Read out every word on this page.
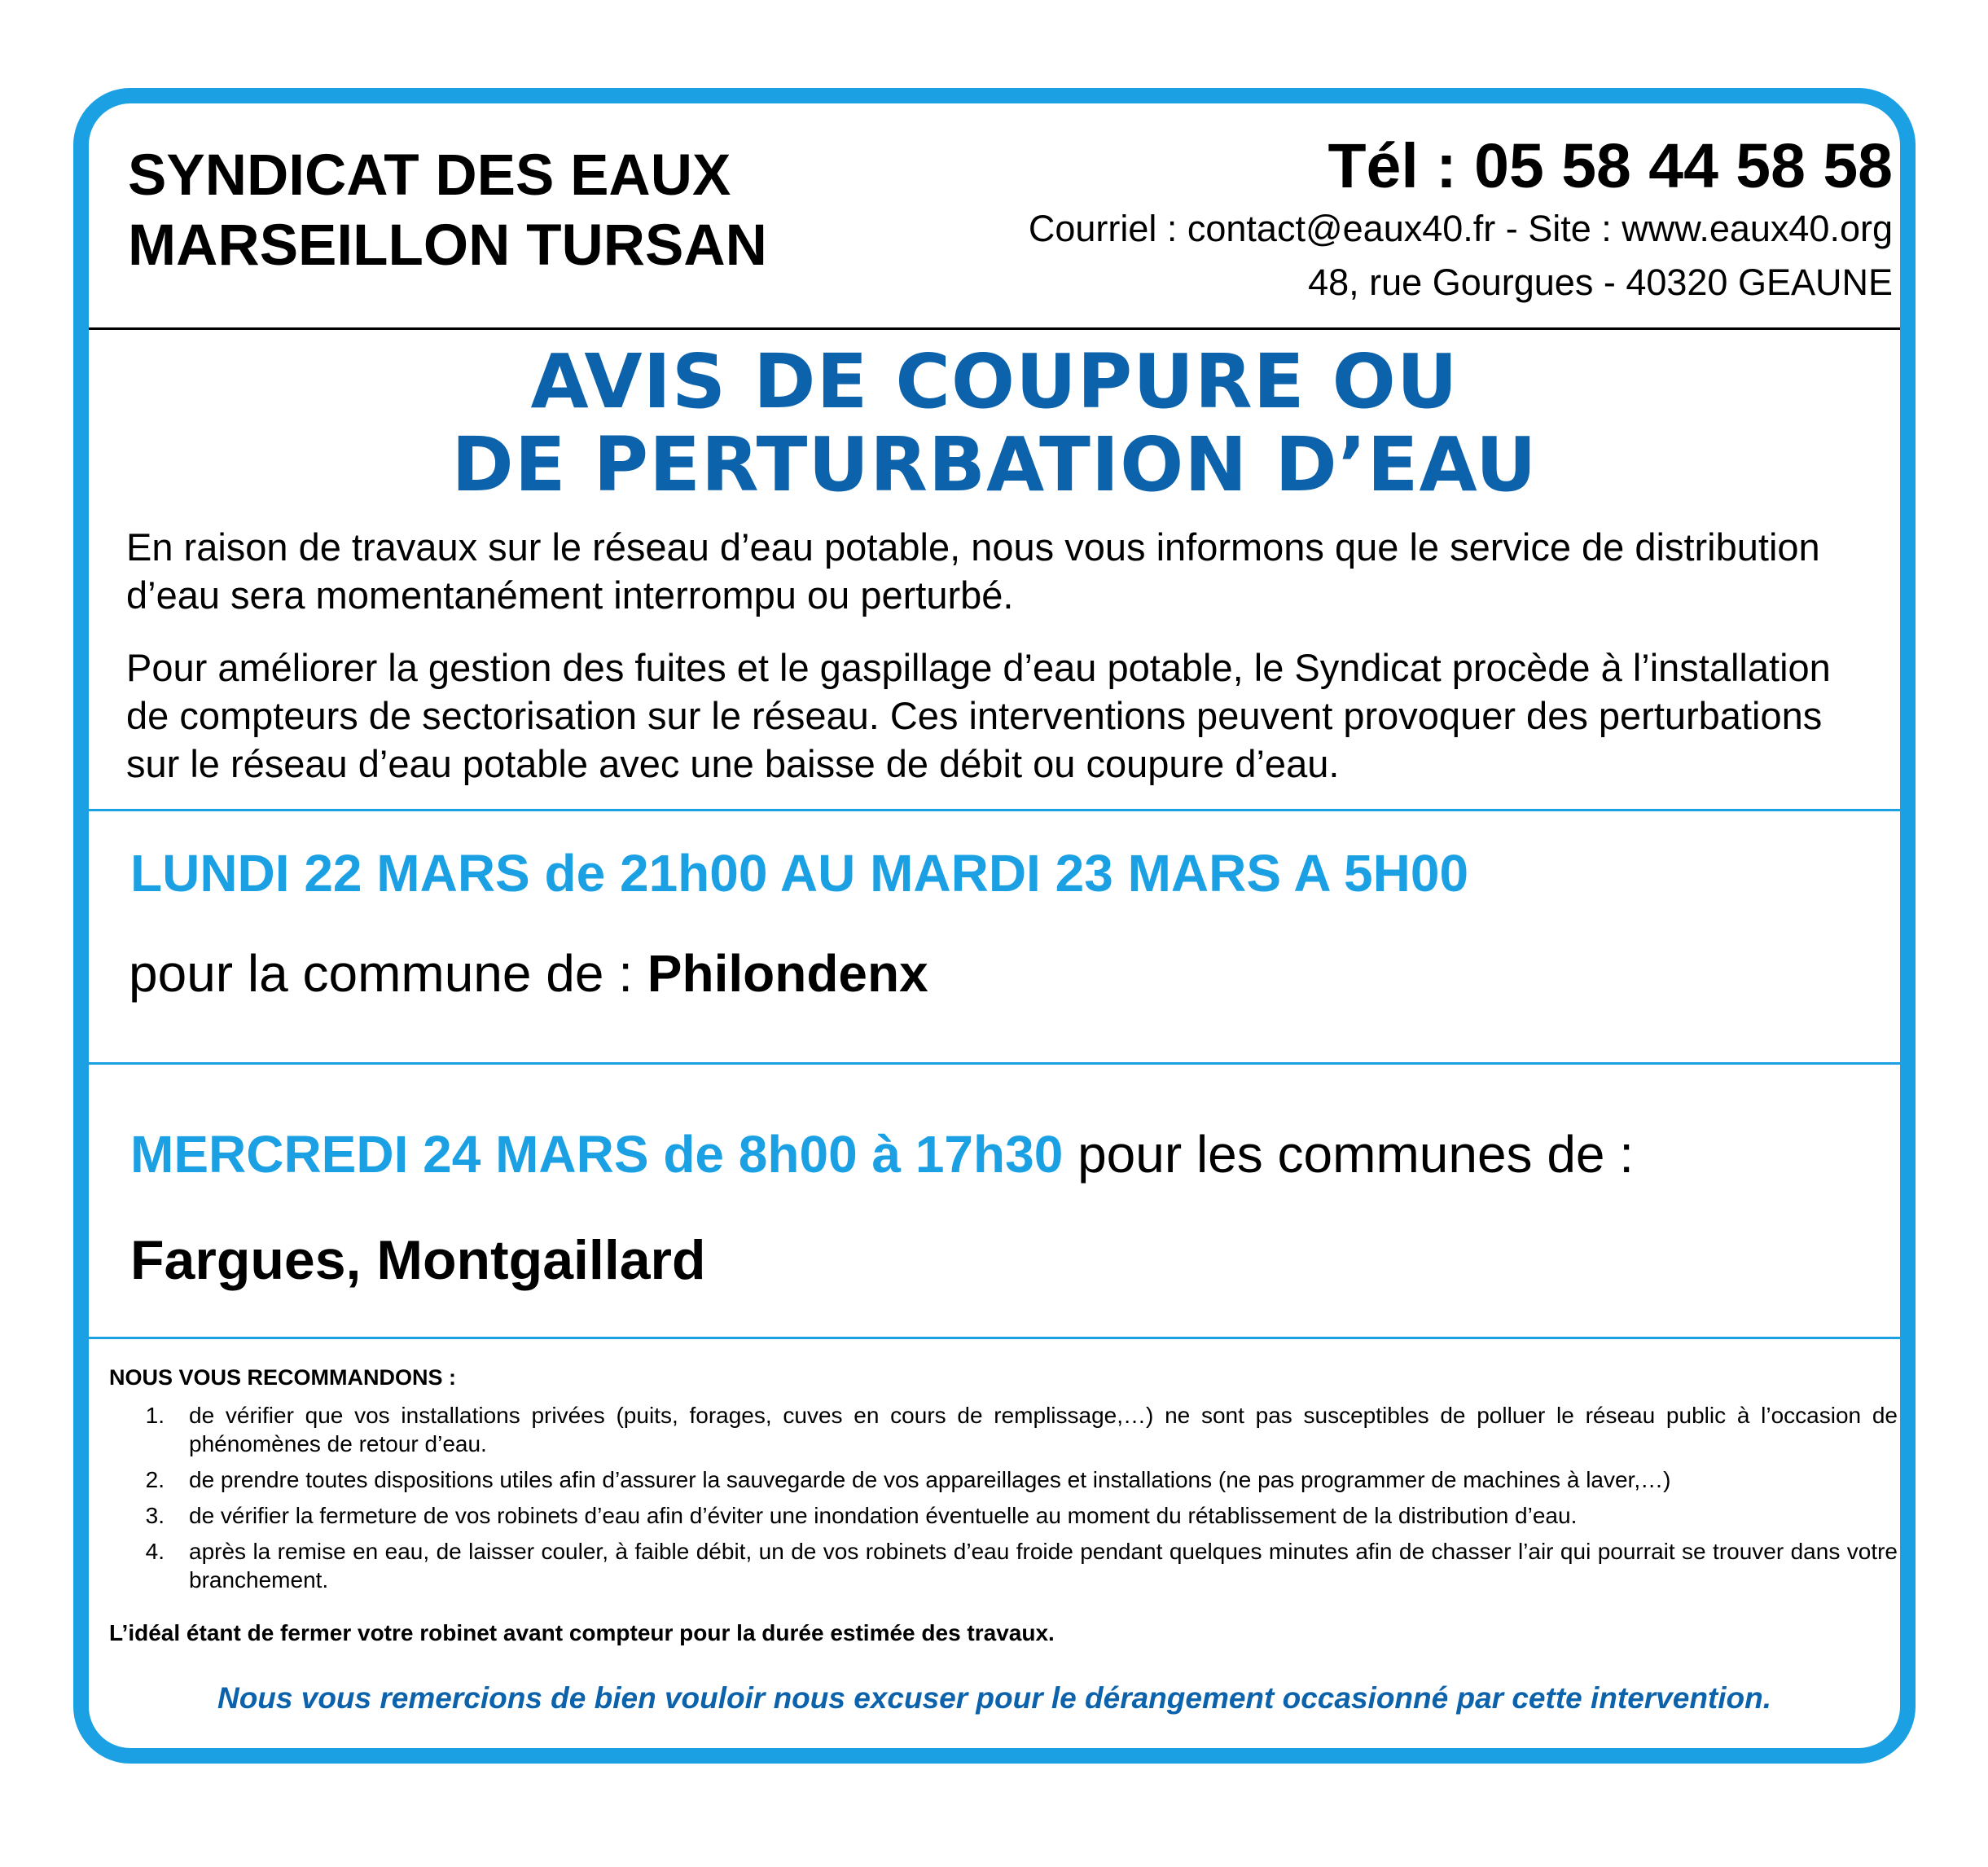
SYNDICAT DES EAUX
MARSEILLON TURSAN
Tél : 05 58 44 58 58
Courriel : contact@eaux40.fr - Site : www.eaux40.org
48, rue Gourgues - 40320 GEAUNE
AVIS DE COUPURE OU
DE PERTURBATION D’EAU

En raison de travaux sur le réseau d’eau potable, nous vous informons que le service de distribution d’eau sera momentanément interrompu ou perturbé.

Pour améliorer la gestion des fuites et le gaspillage d’eau potable, le Syndicat procède à l’installation de compteurs de sectorisation sur le réseau. Ces interventions peuvent provoquer des perturbations sur le réseau d’eau potable avec une baisse de débit ou coupure d’eau.

LUNDI 22 MARS de 21h00 AU MARDI 23 MARS A 5H00
pour la commune de : Philondenx
MERCREDI 24 MARS de 8h00 à 17h30 pour les communes de :
Fargues, Montgaillard
NOUS VOUS RECOMMANDONS :
1.	de vérifier que vos installations privées (puits, forages, cuves en cours de remplissage,…) ne sont pas susceptibles de polluer le réseau public à l’occasion de phénomènes de retour d’eau.
2.	de prendre toutes dispositions utiles afin d’assurer la sauvegarde de vos appareillages et installations (ne pas programmer de machines à laver,…)
3.	de vérifier la fermeture de vos robinets d’eau afin d’éviter une inondation éventuelle au moment du rétablissement de la distribution d’eau.
4.	après la remise en eau, de laisser couler, à faible débit, un de vos robinets d’eau froide pendant quelques minutes afin de chasser l’air qui pourrait se trouver dans votre branchement.
L’idéal étant de fermer votre robinet avant compteur pour la durée estimée des travaux.
Nous vous remercions de bien vouloir nous excuser pour le dérangement occasionné par cette intervention.
